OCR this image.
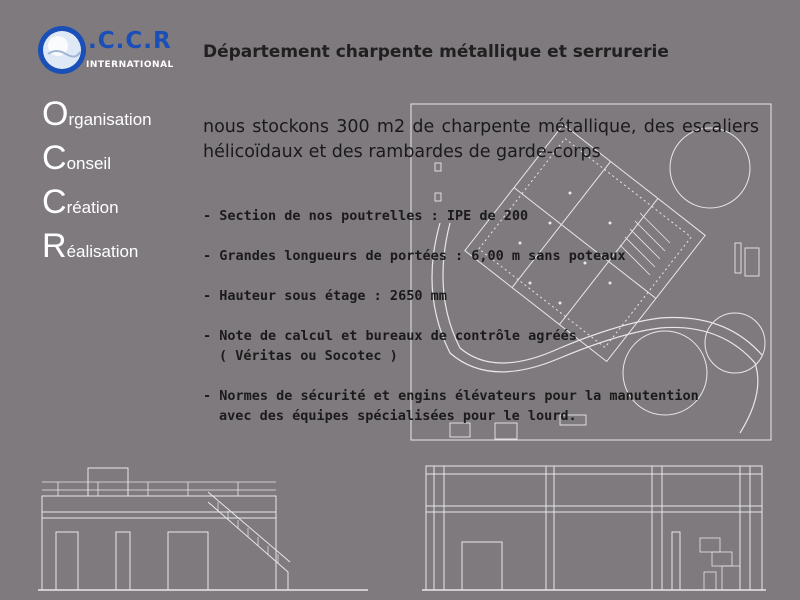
.C.C.R
INTERNATIONAL
Organisation
Conseil
Création
Réalisation
Département charpente métallique et serrurerie
nous stockons 300 m2 de charpente métallique, des escaliers hélicoïdaux et des rambardes de garde-corps

- Section de nos poutrelles : IPE de 200

- Grandes longueurs de portées : 6,00 m sans poteaux

- Hauteur sous étage : 2650 mm

- Note de calcul et bureaux de contrôle agréés

( Véritas ou Socotec )

- Normes de sécurité et engins élévateurs pour la manutention

avec des équipes spécialisées pour le lourd.
